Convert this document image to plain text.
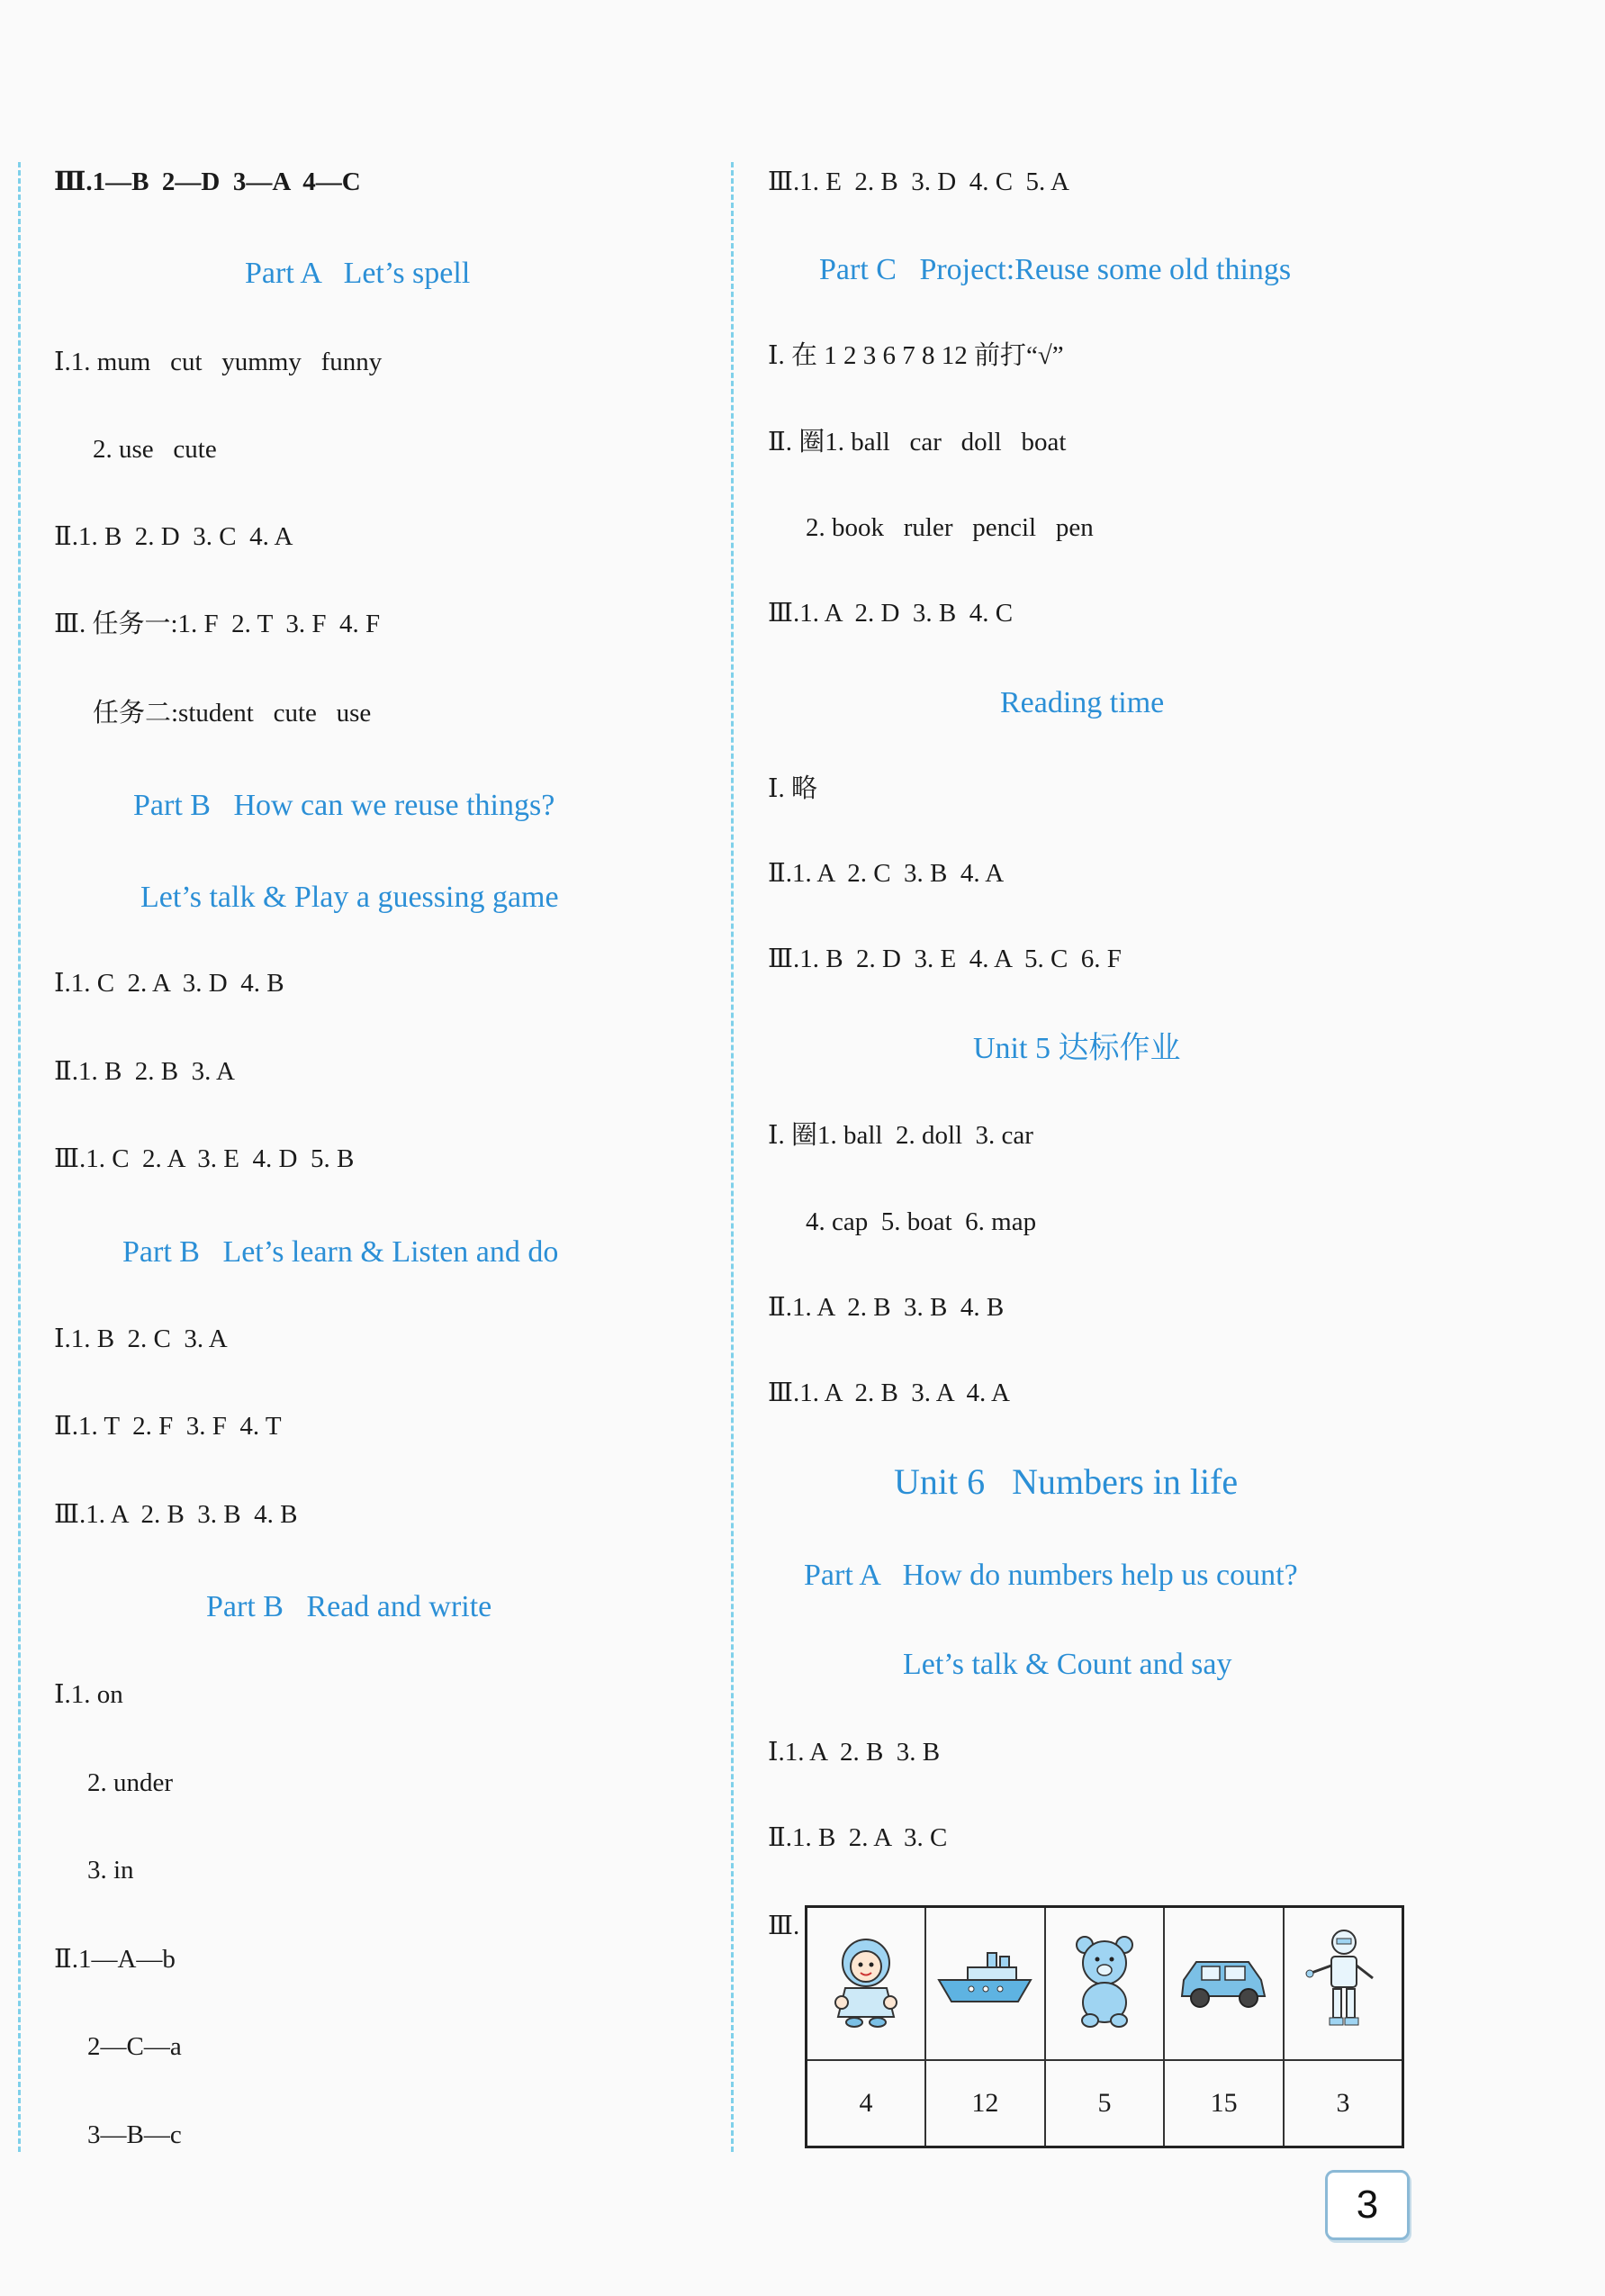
Ⅲ.1—B  2—D  3—A  4—C
Part A   Let’s spell
Ⅰ.1. mum   cut   yummy   funny
2. use   cute
Ⅱ.1. B  2. D  3. C  4. A
Ⅲ. 任务一:1. F  2. T  3. F  4. F
任务二:student   cute   use
Part B   How can we reuse things?
Let’s talk & Play a guessing game
Ⅰ.1. C  2. A  3. D  4. B
Ⅱ.1. B  2. B  3. A
Ⅲ.1. C  2. A  3. E  4. D  5. B
Part B   Let’s learn & Listen and do
Ⅰ.1. B  2. C  3. A
Ⅱ.1. T  2. F  3. F  4. T
Ⅲ.1. A  2. B  3. B  4. B
Part B   Read and write
Ⅰ.1. on
2. under
3. in
Ⅱ.1—A—b
2—C—a
3—B—c
Ⅲ.1. E  2. B  3. D  4. C  5. A
Part C   Project:Reuse some old things
Ⅰ. 在 1 2 3 6 7 8 12 前打“√”
Ⅱ. 圈1. ball   car   doll   boat
2. book   ruler   pencil   pen
Ⅲ.1. A  2. D  3. B  4. C
Reading time
Ⅰ. 略
Ⅱ.1. A  2. C  3. B  4. A
Ⅲ.1. B  2. D  3. E  4. A  5. C  6. F
Unit 5 达标作业
Ⅰ. 圈1. ball  2. doll  3. car
4. cap  5. boat  6. map
Ⅱ.1. A  2. B  3. B  4. B
Ⅲ.1. A  2. B  3. A  4. A
Unit 6   Numbers in life
Part A   How do numbers help us count?
Let’s talk & Count and say
Ⅰ.1. A  2. B  3. B
Ⅱ.1. B  2. A  3. C
Ⅲ.

4	12	5	15	3
3
